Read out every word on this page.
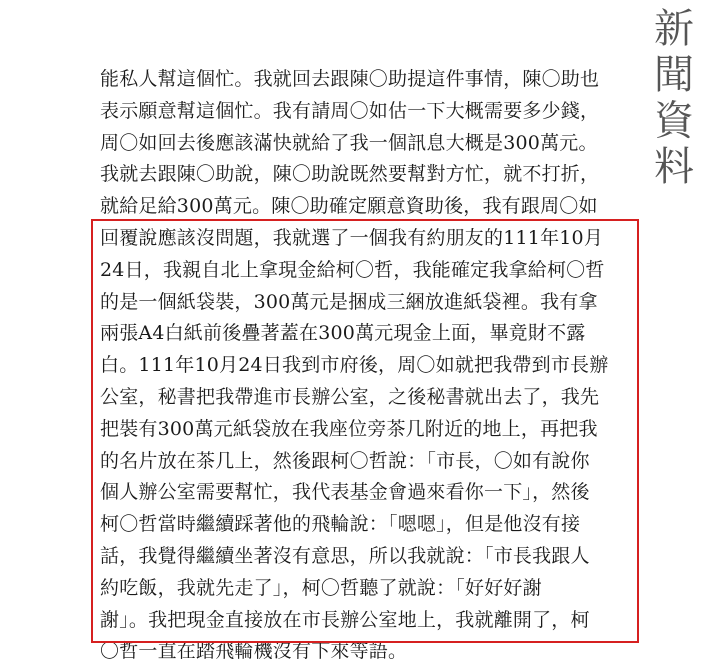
新
聞
資
料
能私人幫這個忙。我就回去跟陳〇助提這件事情，陳〇助也
表示願意幫這個忙。我有請周〇如估一下大概需要多少錢，
周〇如回去後應該滿快就給了我一個訊息大概是300萬元。
我就去跟陳〇助說，陳〇助說既然要幫對方忙，就不打折，
就給足給300萬元。陳〇助確定願意資助後，我有跟周〇如
回覆說應該沒問題，我就選了一個我有約朋友的111年10月
24日，我親自北上拿現金給柯〇哲，我能確定我拿給柯〇哲
的是一個紙袋裝，300萬元是捆成三綑放進紙袋裡。我有拿
兩張A4白紙前後疊著蓋在300萬元現金上面，畢竟財不露
白。111年10月24日我到市府後，周〇如就把我帶到市長辦
公室，秘書把我帶進市長辦公室，之後秘書就出去了，我先
把裝有300萬元紙袋放在我座位旁茶几附近的地上，再把我
的名片放在茶几上，然後跟柯〇哲說：「市長，〇如有說你
個人辦公室需要幫忙，我代表基金會過來看你一下」，然後
柯〇哲當時繼續踩著他的飛輪說：「嗯嗯」，但是他沒有接
話，我覺得繼續坐著沒有意思，所以我就說：「市長我跟人
約吃飯，我就先走了」，柯〇哲聽了就說：「好好好謝
謝」。我把現金直接放在市長辦公室地上，我就離開了，柯
〇哲一直在踏飛輪機沒有下來等語。
